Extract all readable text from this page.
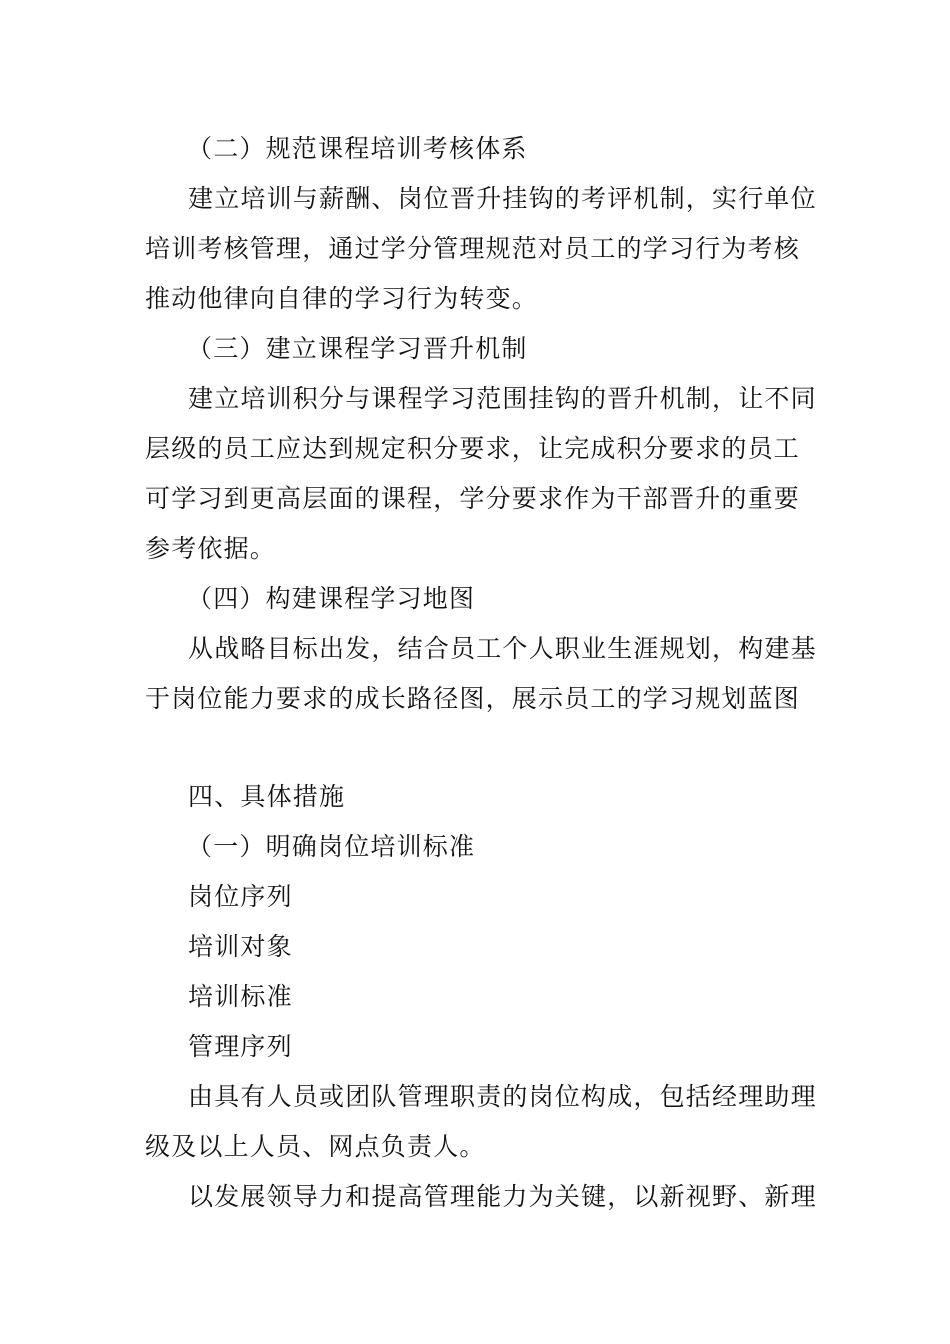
（二）规范课程培训考核体系
建立培训与薪酬、岗位晋升挂钩的考评机制，实行单位
培训考核管理，通过学分管理规范对员工的学习行为考核
推动他律向自律的学习行为转变。
（三）建立课程学习晋升机制
建立培训积分与课程学习范围挂钩的晋升机制，让不同
层级的员工应达到规定积分要求，让完成积分要求的员工
可学习到更高层面的课程，学分要求作为干部晋升的重要
参考依据。
（四）构建课程学习地图
从战略目标出发，结合员工个人职业生涯规划，构建基
于岗位能力要求的成长路径图，展示员工的学习规划蓝图
四、具体措施
（一）明确岗位培训标准
岗位序列
培训对象
培训标准
管理序列
由具有人员或团队管理职责的岗位构成，包括经理助理
级及以上人员、网点负责人。
以发展领导力和提高管理能力为关键，以新视野、新理
